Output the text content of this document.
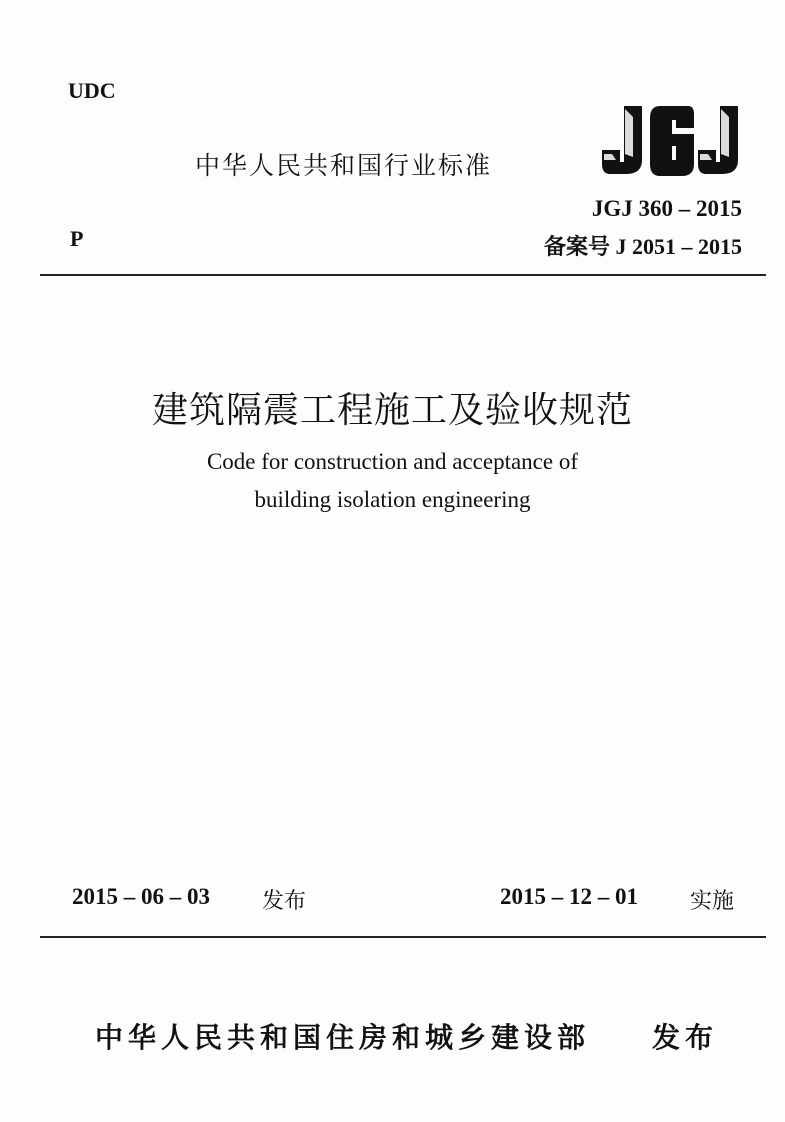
UDC
中华人民共和国行业标准
JGJ 360 – 2015
P	备案号 J 2051 – 2015
建筑隔震工程施工及验收规范
Code for construction and acceptance of
building isolation engineering
2015 – 06 – 03 发布	2015 – 12 – 01 实施
中华人民共和国住房和城乡建设部 发布
